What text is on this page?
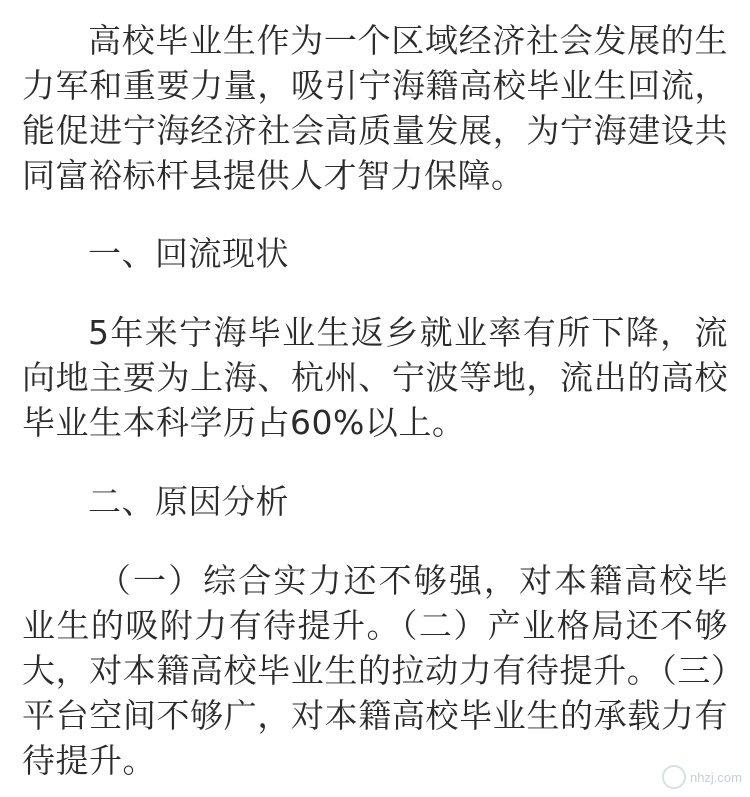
高校毕业生作为一个区域经济社会发展的生力军和重要力量，吸引宁海籍高校毕业生回流，能促进宁海经济社会高质量发展，为宁海建设共同富裕标杆县提供人才智力保障。

一、回流现状

5年来宁海毕业生返乡就业率有所下降，流向地主要为上海、杭州、宁波等地，流出的高校毕业生本科学历占60%以上。

二、原因分析

（一）综合实力还不够强，对本籍高校毕业生的吸附力有待提升。（二）产业格局还不够大，对本籍高校毕业生的拉动力有待提升。（三）平台空间不够广，对本籍高校毕业生的承载力有待提升。	nhzj.com
